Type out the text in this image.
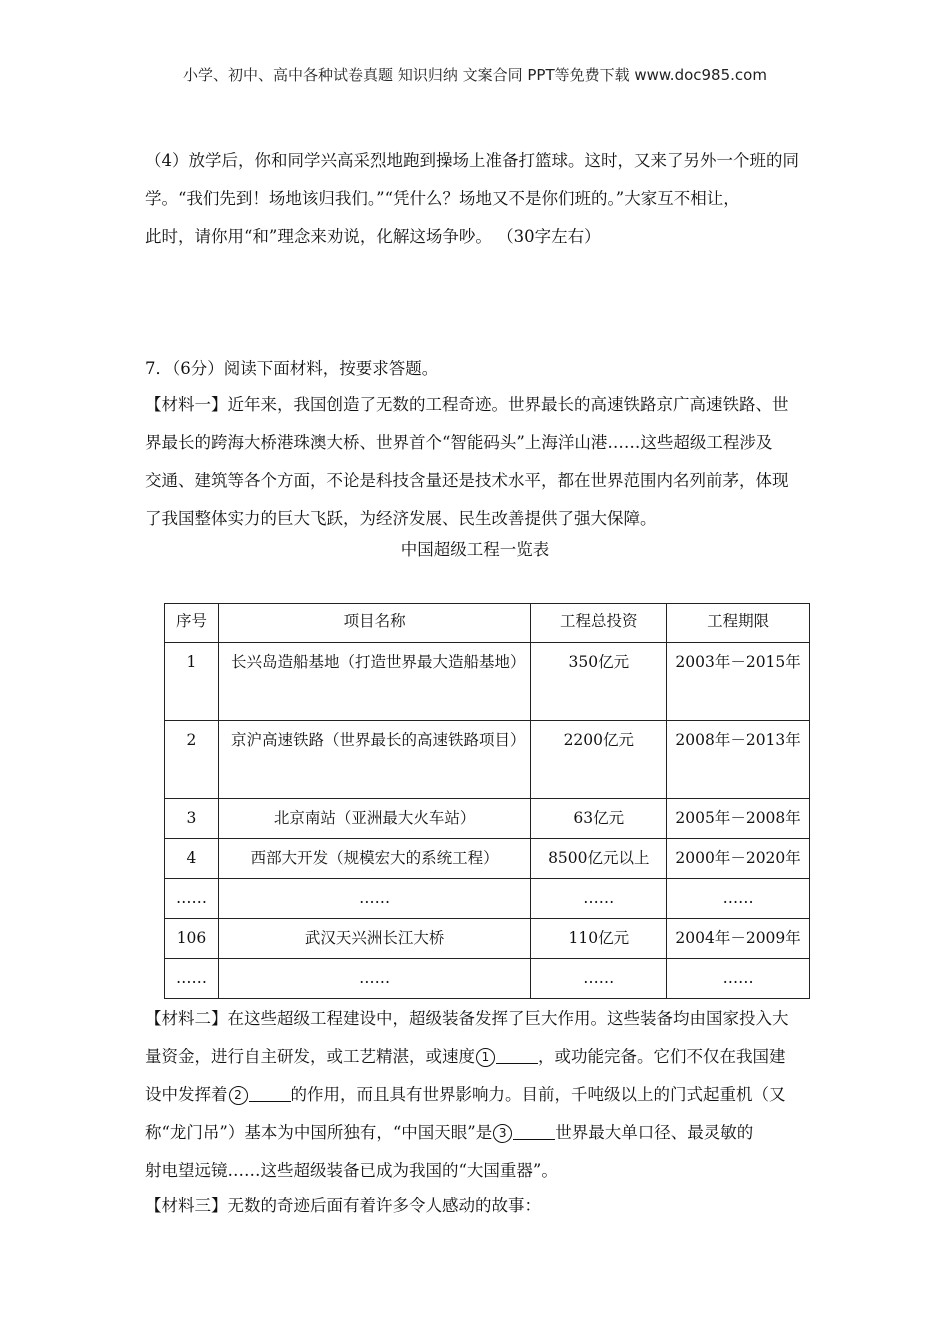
小学、初中、高中各种试卷真题 知识归纳 文案合同 PPT等免费下载 www.doc985.com
（4）放学后，你和同学兴高采烈地跑到操场上准备打篮球。这时，又来了另外一个班的同
学。“我们先到！场地该归我们。”“凭什么？场地又不是你们班的。”大家互不相让，
此时，请你用“和”理念来劝说，化解这场争吵。 （30字左右）
7．（6分）阅读下面材料，按要求答题。
【材料一】近年来，我国创造了无数的工程奇迹。世界最长的高速铁路京广高速铁路、世
界最长的跨海大桥港珠澳大桥、世界首个“智能码头”上海洋山港……这些超级工程涉及
交通、建筑等各个方面，不论是科技含量还是技术水平，都在世界范围内名列前茅，体现
了我国整体实力的巨大飞跃，为经济发展、民生改善提供了强大保障。
中国超级工程一览表
序号	项目名称	工程总投资	工程期限
1	长兴岛造船基地（打造世界最大造船基地）	350亿元	2003年－2015年
2	京沪高速铁路（世界最长的高速铁路项目）	2200亿元	2008年－2013年
3	北京南站（亚洲最大火车站）	63亿元	2005年－2008年
4	西部大开发（规模宏大的系统工程）	8500亿元以上	2000年－2020年
……	……	……	……
106	武汉天兴洲长江大桥	110亿元	2004年－2009年
……	……	……	……
【材料二】在这些超级工程建设中，超级装备发挥了巨大作用。这些装备均由国家投入大
量资金，进行自主研发，或工艺精湛，或速度 1	，或功能完备。它们不仅在我国建
设中发挥着 2	的作用，而且具有世界影响力。目前，千吨级以上的门式起重机（又
称“龙门吊”）基本为中国所独有，“中国天眼”是 3	世界最大单口径、最灵敏的
射电望远镜……这些超级装备已成为我国的“大国重器”。
【材料三】无数的奇迹后面有着许多令人感动的故事：
